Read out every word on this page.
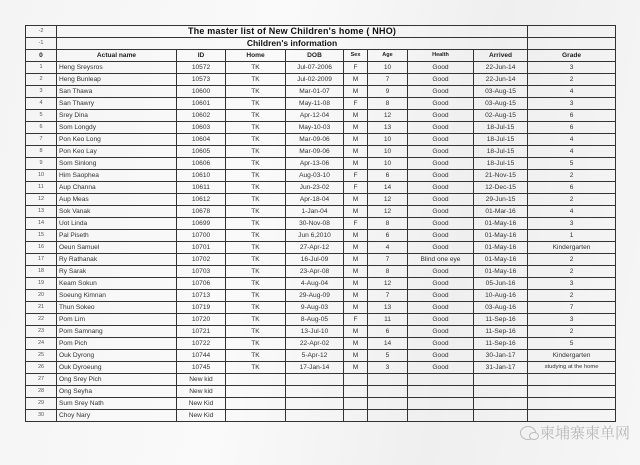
-2	The master list of New Children's home ( NHO)								
-1	Children's information								
0	Actual name	ID	Home	DOB	Sex	Age	Health	Arrived	Grade
1	Heng Sreysros	10572	TK	Jul-07-2006	F	10	Good	22-Jun-14	3
2	Heng Bunleap	10573	TK	Jul-02-2009	M	7	Good	22-Jun-14	2
3	San Thawa	10600	TK	Mar-01-07	M	9	Good	03-Aug-15	4
4	San Thawry	10601	TK	May-11-08	F	8	Good	03-Aug-15	3
5	Srey Dina	10602	TK	Apr-12-04	M	12	Good	02-Aug-15	6
6	Som Longdy	10603	TK	May-10-03	M	13	Good	18-Jul-15	6
7	Pon Keo Long	10604	TK	Mar-09-06	M	10	Good	18-Jul-15	4
8	Pon Keo Lay	10605	TK	Mar-09-06	M	10	Good	18-Jul-15	4
9	Som Sinlong	10606	TK	Apr-13-06	M	10	Good	18-Jul-15	5
10	Him Saophea	10610	TK	Aug-03-10	F	6	Good	21-Nov-15	2
11	Aup Channa	10611	TK	Jun-23-02	F	14	Good	12-Dec-15	6
12	Aup Meas	10612	TK	Apr-18-04	M	12	Good	29-Jun-15	2
13	Sok Vanak	10678	TK	1-Jan-04	M	12	Good	01-Mar-16	4
14	Uot Linda	10699	TK	30-Nov-08	F	8	Good	01-May-16	3
15	Pal Piseth	10700	TK	Jun 6,2010	M	6	Good	01-May-16	1
16	Oeun Samuel	10701	TK	27-Apr-12	M	4	Good	01-May-16	Kindergarten
17	Ry Rathanak	10702	TK	16-Jul-09	M	7	Blind one eye	01-May-16	2
18	Ry Sarak	10703	TK	23-Apr-08	M	8	Good	01-May-16	2
19	Keam Sokun	10706	TK	4-Aug-04	M	12	Good	05-Jun-16	3
20	Soeung Kimnan	10713	TK	29-Aug-09	M	7	Good	10-Aug-16	2
21	Thun Sokeo	10719	TK	9-Aug-03	M	13	Good	03-Aug-16	7
22	Pom Lim	10720	TK	8-Aug-05	F	11	Good	11-Sep-16	3
23	Pom Samnang	10721	TK	13-Jul-10	M	6	Good	11-Sep-16	2
24	Pom Pich	10722	TK	22-Apr-02	M	14	Good	11-Sep-16	5
25	Ouk Dyrong	10744	TK	5-Apr-12	M	5	Good	30-Jan-17	Kindergarten
26	Ouk Dyroeung	10745	TK	17-Jan-14	M	3	Good	31-Jan-17	studying at the home
27	Ong Srey Pich	New kid							
28	Ong Seyha	New kid							
29	Sum Srey Nath	New Kid							
30	Choy Nary	New Kid							
柬埔寨柬单网
